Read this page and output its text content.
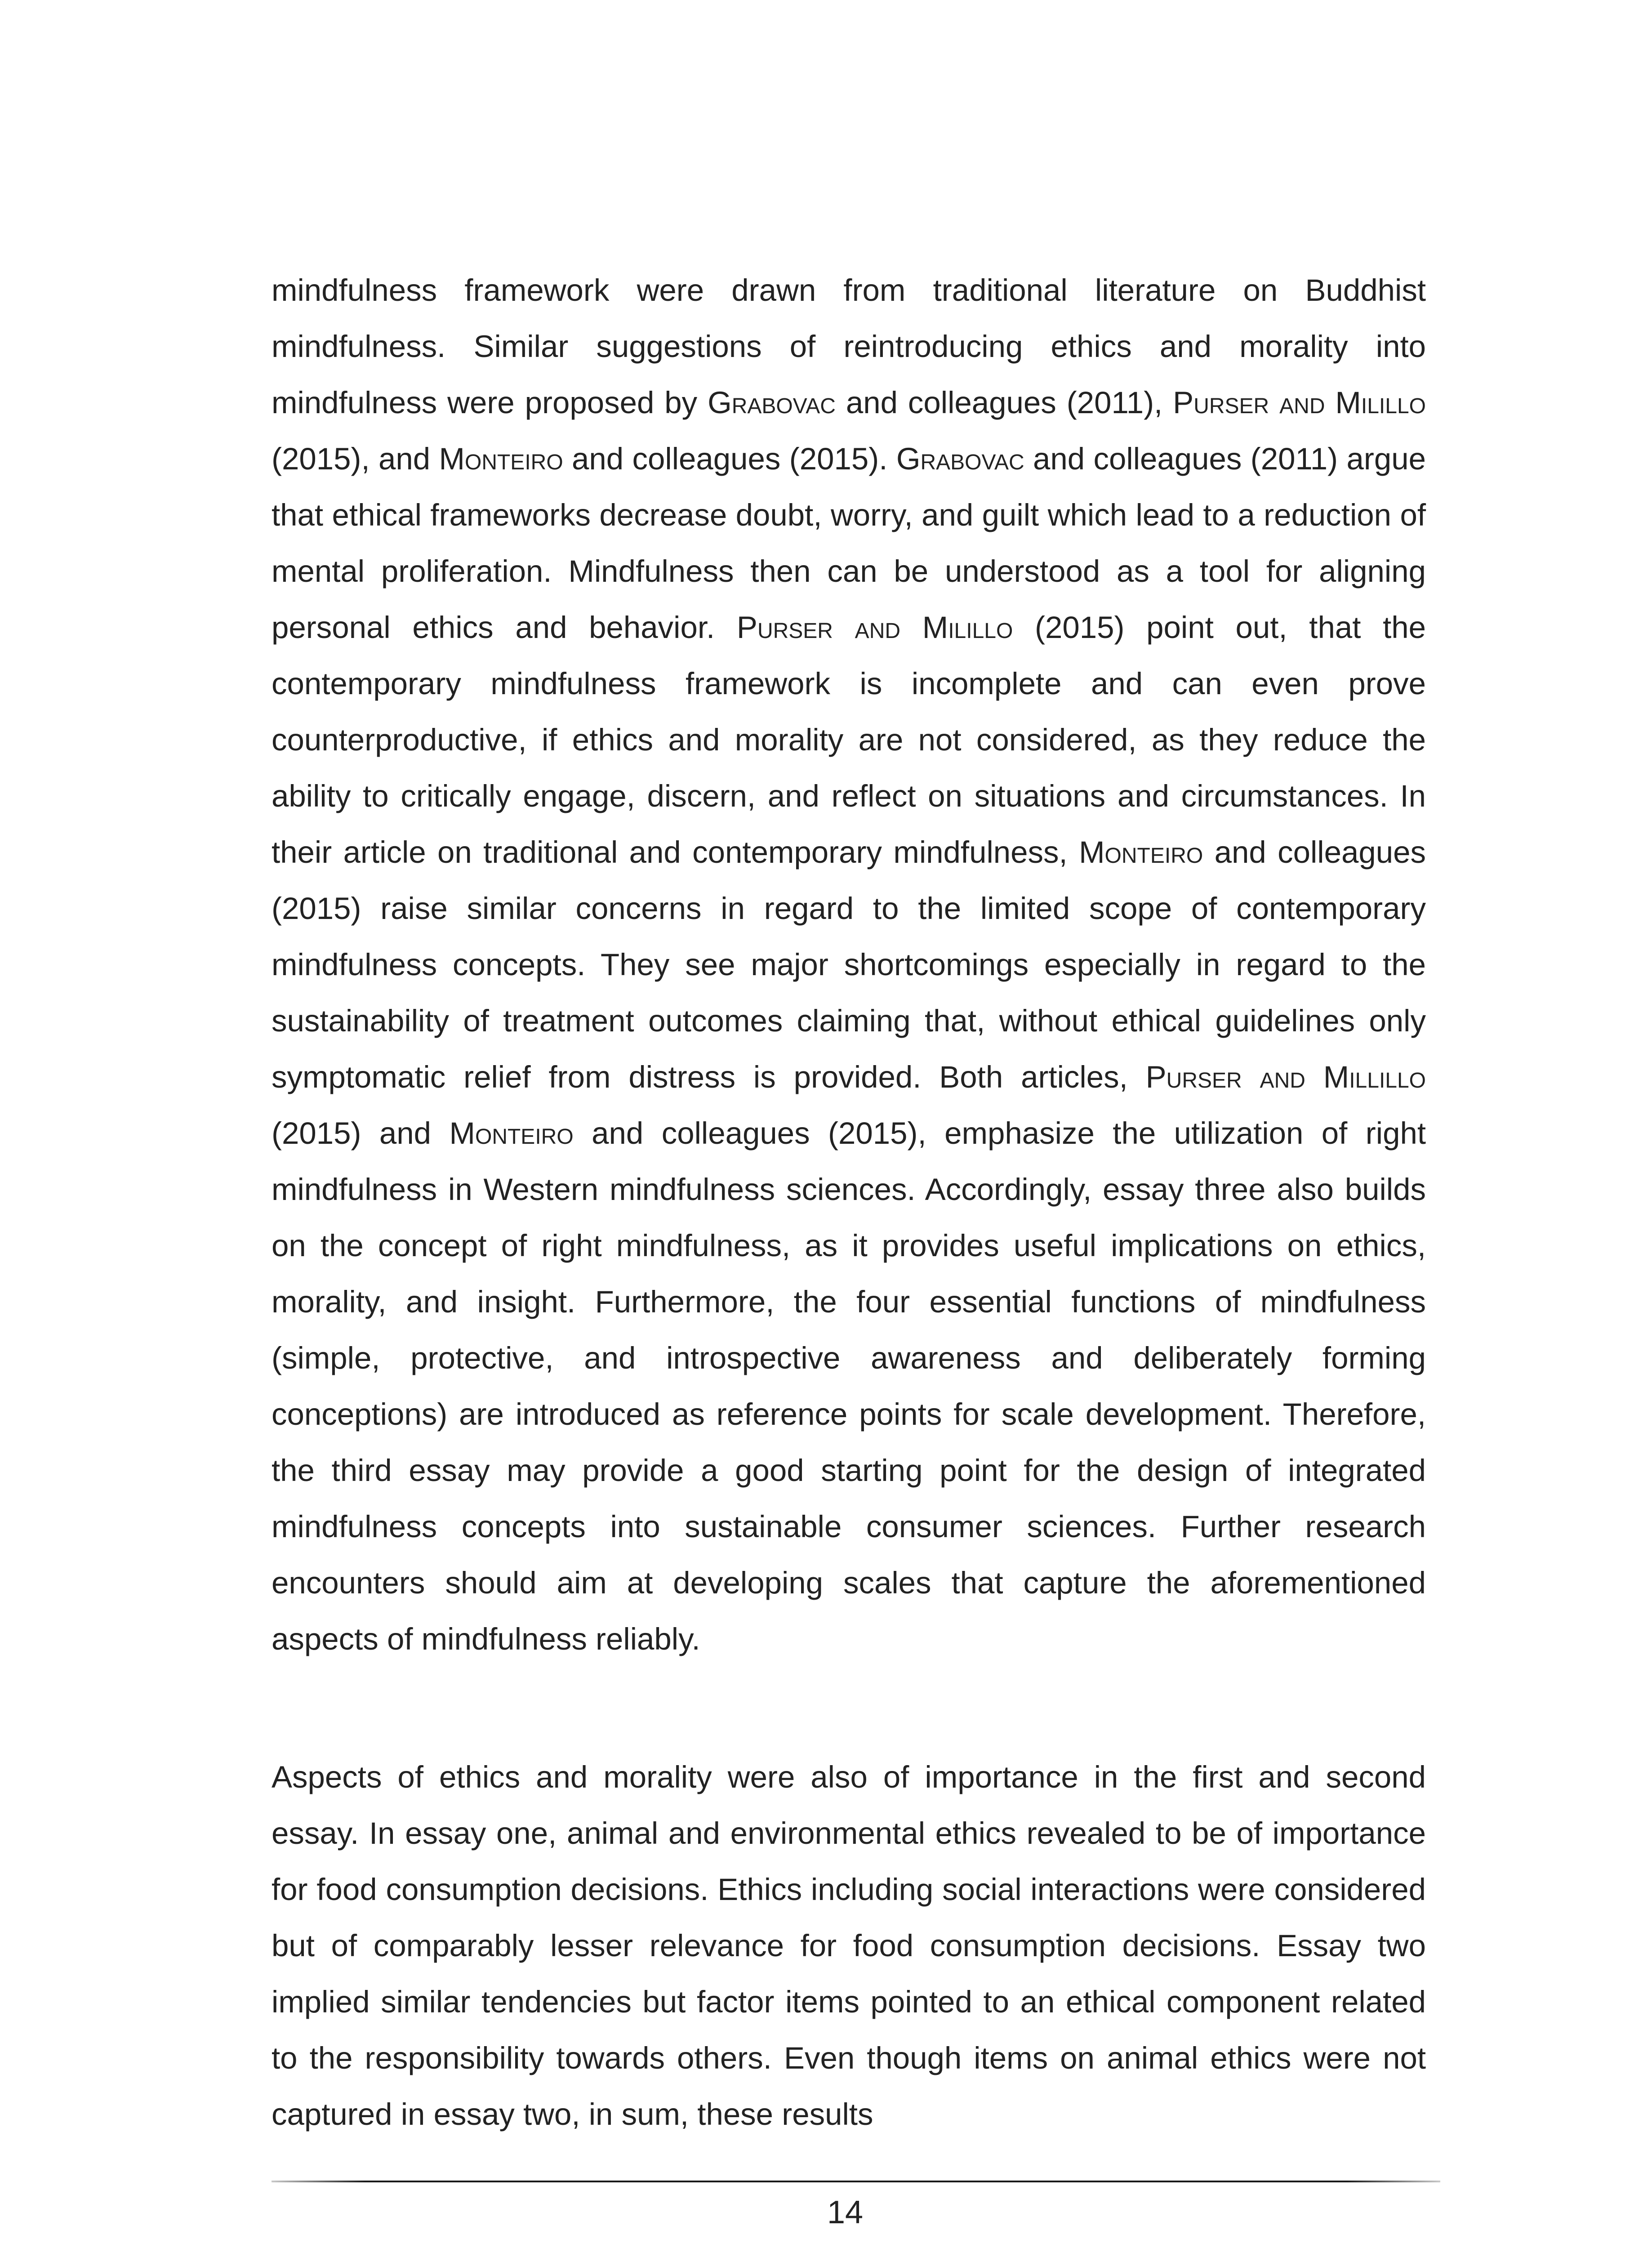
mindfulness framework were drawn from traditional literature on Buddhist mindfulness. Similar suggestions of reintroducing ethics and morality into mindfulness were proposed by Grabovac and colleagues (2011), Purser and Milillo (2015), and Monteiro and colleagues (2015). Grabovac and colleagues (2011) argue that ethical frameworks decrease doubt, worry, and guilt which lead to a reduction of mental proliferation. Mindfulness then can be understood as a tool for aligning personal ethics and behavior. Purser and Milillo (2015) point out, that the contemporary mindfulness framework is incomplete and can even prove counterproductive, if ethics and morality are not considered, as they reduce the ability to critically engage, discern, and reflect on situations and circumstances. In their article on traditional and contemporary mindfulness, Monteiro and colleagues (2015) raise similar concerns in regard to the limited scope of contemporary mindfulness concepts. They see major shortcomings especially in regard to the sustainability of treatment outcomes claiming that, without ethical guidelines only symptomatic relief from distress is provided. Both articles, Purser and Millillo (2015) and Monteiro and colleagues (2015), emphasize the utilization of right mindfulness in Western mindfulness sciences. Accordingly, essay three also builds on the concept of right mindfulness, as it provides useful implications on ethics, morality, and insight. Furthermore, the four essential functions of mindfulness (simple, protective, and introspective awareness and deliberately forming conceptions) are introduced as reference points for scale development. Therefore, the third essay may provide a good starting point for the design of integrated mindfulness concepts into sustainable consumer sciences. Further research encounters should aim at developing scales that capture the aforementioned aspects of mindfulness reliably.

Aspects of ethics and morality were also of importance in the first and second essay. In essay one, animal and environmental ethics revealed to be of importance for food consumption decisions. Ethics including social interactions were considered but of comparably lesser relevance for food consumption decisions. Essay two implied similar tendencies but factor items pointed to an ethical component related to the responsibility towards others. Even though items on animal ethics were not captured in essay two, in sum, these results

14
